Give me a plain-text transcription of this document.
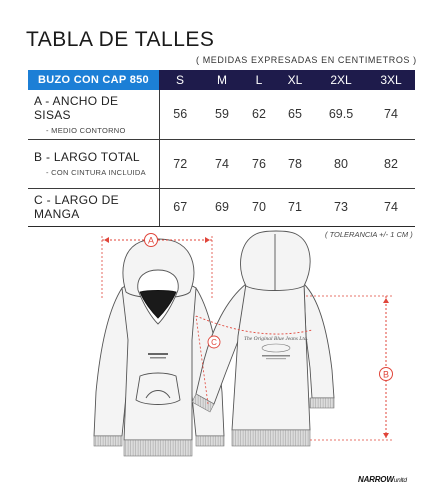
TABLA DE TALLES
( MEDIDAS EXPRESADAS EN CENTIMETROS )
BUZO CON CAP 850	S	M	L	XL	2XL	3XL

A - ANCHO DE SISAS
- MEDIO CONTORNO	56	59	62	65	69.5	74

B - LARGO TOTAL
- CON CINTURA INCLUIDA	72	74	76	78	80	82

C - LARGO DE MANGA	67	69	70	71	73	74
( TOLERANCIA +/- 1 CM )
A
The Original Blue Jeans Ltd.
C
B
NARROWunltd
